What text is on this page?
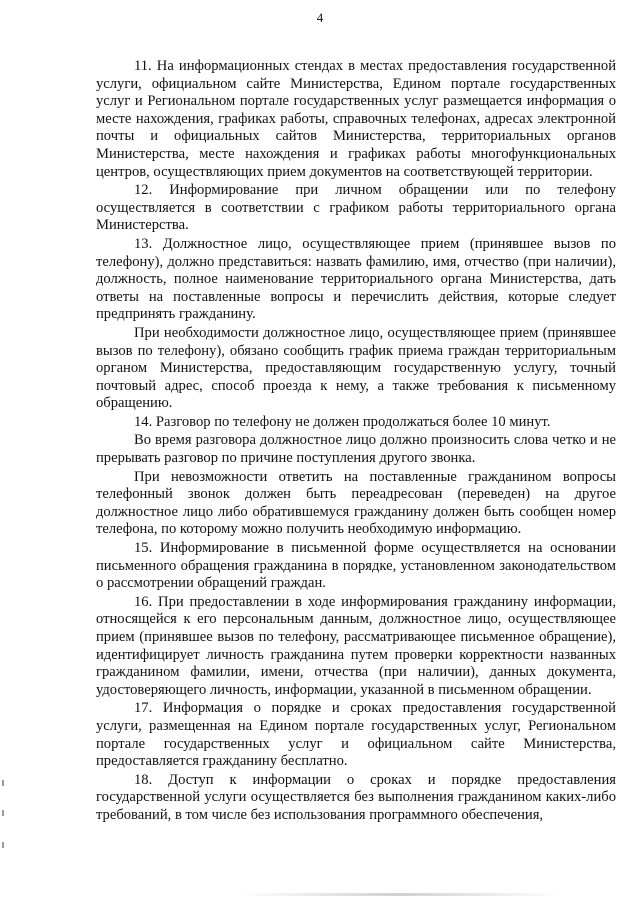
4

11. На информационных стендах в местах предоставления государственной услуги, официальном сайте Министерства, Едином портале государственных услуг и Региональном портале государственных услуг размещается информация о месте нахождения, графиках работы, справочных телефонах, адресах электронной почты и официальных сайтов Министерства, территориальных органов Министерства, месте нахождения и графиках работы многофункциональных центров, осуществляющих прием документов на соответствующей территории.

12. Информирование при личном обращении или по телефону осуществляется в соответствии с графиком работы территориального органа Министерства.

13. Должностное лицо, осуществляющее прием (принявшее вызов по телефону), должно представиться: назвать фамилию, имя, отчество (при наличии), должность, полное наименование территориального органа Министерства, дать ответы на поставленные вопросы и перечислить действия, которые следует предпринять гражданину.

При необходимости должностное лицо, осуществляющее прием (принявшее вызов по телефону), обязано сообщить график приема граждан территориальным органом Министерства, предоставляющим государственную услугу, точный почтовый адрес, способ проезда к нему, а также требования к письменному обращению.

14. Разговор по телефону не должен продолжаться более 10 минут.

Во время разговора должностное лицо должно произносить слова четко и не прерывать разговор по причине поступления другого звонка.

При невозможности ответить на поставленные гражданином вопросы телефонный звонок должен быть переадресован (переведен) на другое должностное лицо либо обратившемуся гражданину должен быть сообщен номер телефона, по которому можно получить необходимую информацию.

15. Информирование в письменной форме осуществляется на основании письменного обращения гражданина в порядке, установленном законодательством о рассмотрении обращений граждан.

16. При предоставлении в ходе информирования гражданину информации, относящейся к его персональным данным, должностное лицо, осуществляющее прием (принявшее вызов по телефону, рассматривающее письменное обращение), идентифицирует личность гражданина путем проверки корректности названных гражданином фамилии, имени, отчества (при наличии), данных документа, удостоверяющего личность, информации, указанной в письменном обращении.

17. Информация о порядке и сроках предоставления государственной услуги, размещенная на Едином портале государственных услуг, Региональном портале государственных услуг и официальном сайте Министерства, предоставляется гражданину бесплатно.

18. Доступ к информации о сроках и порядке предоставления государственной услуги осуществляется без выполнения гражданином каких-либо требований, в том числе без использования программного обеспечения,
